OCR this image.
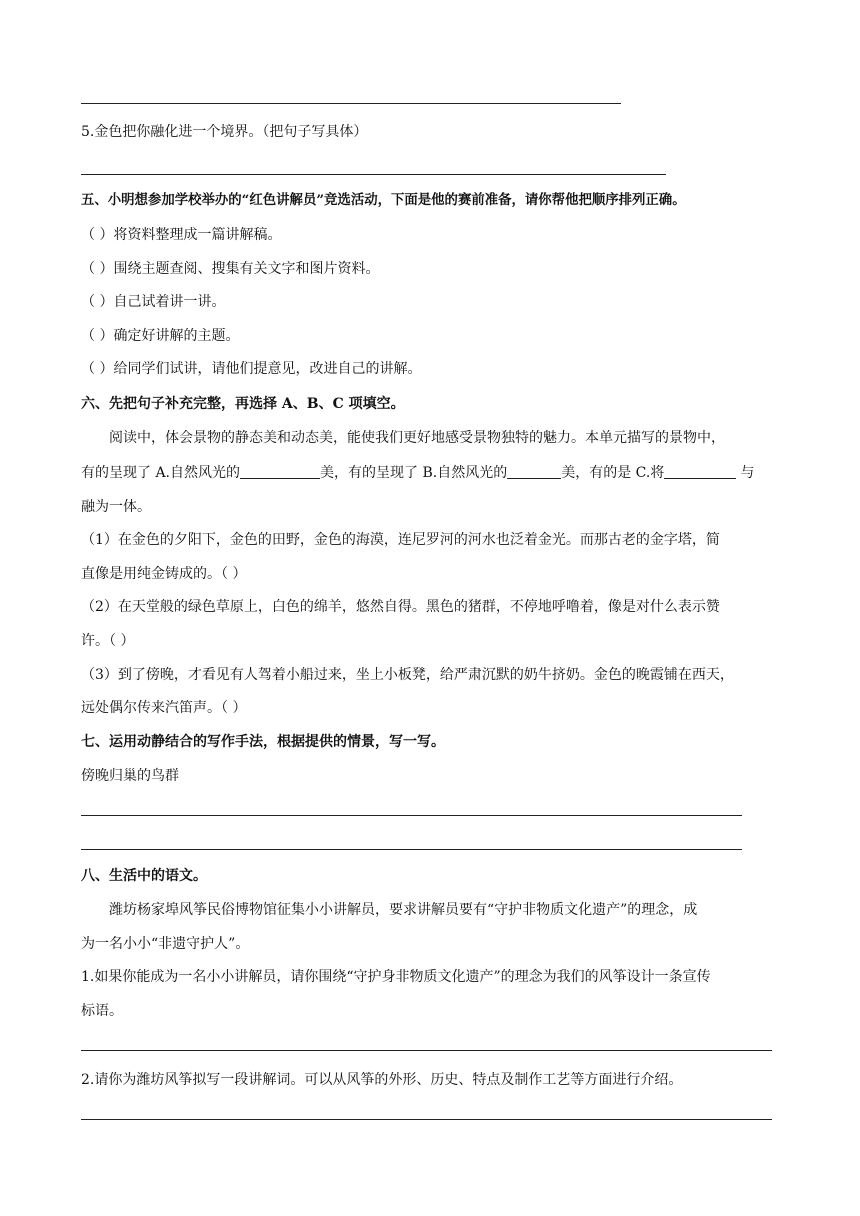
5.金色把你融化进一个境界。（把句子写具体）
五、小明想参加学校举办的“红色讲解员”竞选活动，下面是他的赛前准备，请你帮他把顺序排列正确。
（ ）将资料整理成一篇讲解稿。
（ ）围绕主题查阅、搜集有关文字和图片资料。
（ ）自己试着讲一讲。
（ ）确定好讲解的主题。
（ ）给同学们试讲，请他们提意见，改进自己的讲解。
六、先把句子补充完整，再选择 A、B、C 项填空。
阅读中，体会景物的静态美和动态美，能使我们更好地感受景物独特的魅力。本单元描写的景物中，
有的呈现了 A.自然风光的	美，有的呈现了 B.自然风光的	美，有的是 C.将	与
融为一体。
（1）在金色的夕阳下，金色的田野，金色的海漠，连尼罗河的河水也泛着金光。而那古老的金字塔，简
直像是用纯金铸成的。（ ）
（2）在天堂般的绿色草原上，白色的绵羊，悠然自得。黑色的猪群，不停地呼噜着，像是对什么表示赞
许。（ ）
（3）到了傍晚，才看见有人驾着小船过来，坐上小板凳，给严肃沉默的奶牛挤奶。金色的晚霞铺在西天，
远处偶尔传来汽笛声。（ ）
七、运用动静结合的写作手法，根据提供的情景，写一写。
傍晚归巢的鸟群
八、生活中的语文。
潍坊杨家埠风筝民俗博物馆征集小小讲解员，要求讲解员要有“守护非物质文化遗产”的理念，成
为一名小小“非遗守护人”。
1.如果你能成为一名小小讲解员，请你围绕“守护身非物质文化遗产”的理念为我们的风筝设计一条宣传
标语。
2.请你为潍坊风筝拟写一段讲解词。可以从风筝的外形、历史、特点及制作工艺等方面进行介绍。
